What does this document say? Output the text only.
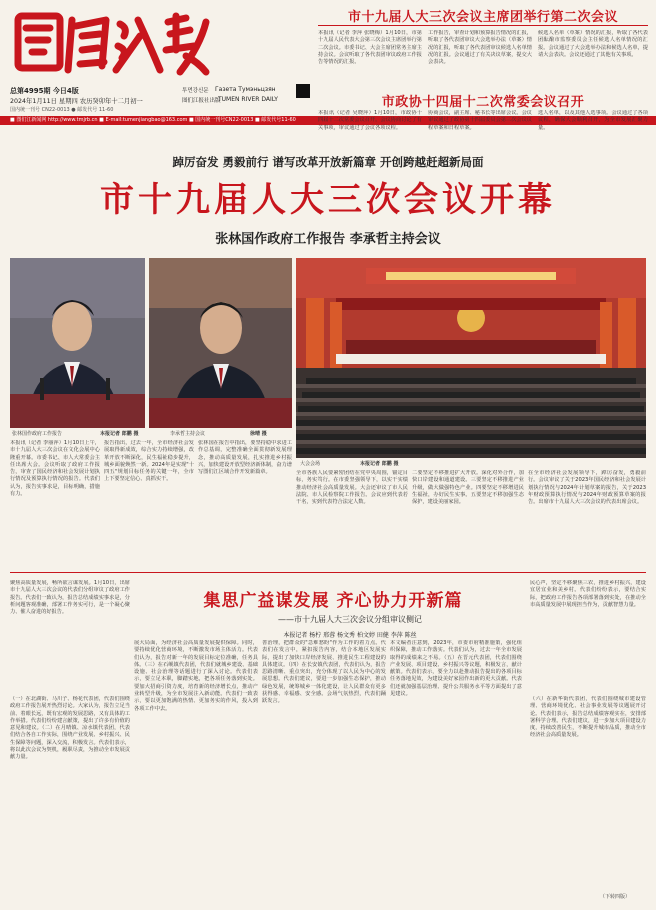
总第4995期 今日4版
2024年1月11日 星期四 农历癸卯年十二月初一
国内统一刊号 CN22-0013 ● 邮发代号 11-60
투먼강신문 Газета Тумэньцзян
图们江报社出版
TUMEN RIVER DAILY
■ 图们江新闻网 http://www.tmjrb.cn ■ E-mail:tumenjiangbao@163.com ■ 国内统一刊号CN22-0013 ■ 邮发代号11-60
市十九届人大三次会议主席团举行第二次会议
本报讯（记者 李萍 张晓梅）1月10日，市第十九届人民代表大会第三次会议主席团举行第二次会议。市委书记、大会主席团常务主席主持会议。会议听取了各代表团审议政府工作报告等情况的汇报。
工作报告，审查计划和预算报告情况的汇报，听取了各代表团审议大会选举办法（草案）情况的汇报，听取了各代表团审议候选人名单情况的汇报。会议通过了有关决议草案，提交大会表决。
候选人名单（草案）情况的汇报，听取了各代表团酝酿市监察委员会主任候选人名单情况的汇报。会议通过了大会选举办法和候选人名单，提请大会表决。会议还通过了其他有关事项。
市政协十四届十二次常委会议召开
本报讯（记者 吴晓萍）1月10日，市政协十四届十二次常委会议召开。会议协商讨论了有关事项，审议通过了会议各项议程。
协商会议，副主席、秘书长等出席会议。会议审议通过了政协第十四届委员会第三次会议议程草案和日程草案。
选人名单，以及其他人选事项。会议通过了各项议程，确保大会顺利召开，为全市发展汇聚力量。
踔厉奋发 勇毅前行 谱写改革开放新篇章 开创跨越赶超新局面
市十九届人大三次会议开幕
张林国作政府工作报告 李承哲主持会议
张林国作政府工作报告	本报记者 郎鹏 摄	李承哲主持会议	徐晴 摄
大会会场	本报记者 郎鹏 摄
本报讯（记者 李丽萍）1月10日上午，市十九届人大三次会议在文化会展中心隆重开幕。市委书记、市人大常委会主任出席大会。会议听取了政府工作报告，审查了国民经济和社会发展计划执行情况及预算执行情况的报告。代表们认为，报告实事求是，目标明确，措施有力。
报告指出，过去一年，全市经济社会发展取得新成效，综合实力持续增强，改革开放不断深化，民生福祉稳步提升，城乡面貌焕然一新。2024年是实现"十四五"规划目标任务的关键一年，全市上下要坚定信心、真抓实干。
张林国在报告中指出，要坚持稳中求进工作总基调，完整准确全面贯彻新发展理念，推动高质量发展，扎实推进乡村振兴，加快建设开放型经济新体制，奋力谱写图们江区域合作开发新篇章。	全市各族人民要紧密团结在党中央周围，锚定目标，务实笃行。在市委坚强领导下，以实干实绩推动经济社会高质量发展。大会还审议了市人民法院、市人民检察院工作报告。会议应到代表若干名，实到代表符合法定人数。
二要坚定不移推进扩大开放。深化对外合作，加快口岸建设和通道建设。三要坚定不移推进产业升级，做大做强特色产业。四要坚定不移增进民生福祉，办好民生实事。五要坚定不移加强生态保护，建设美丽家园。
在全市经济社会发展领导下，踔厉奋发，勇毅前行。会议审议了关于2023年国民经济和社会发展计划执行情况与2024年计划草案的报告，关于2023年财政预算执行情况与2024年财政预算草案的报告。出席市十九届人大三次会议的代表出席会议。
聚焦高质量发展，畅所欲言谋发展。1月10日，出席市十九届人大三次会议的代表们分组审议了政府工作报告。代表们一致认为，报告总结成绩实事求是，分析问题客观准确，部署工作务实可行，是一个凝心聚力、催人奋进的好报告。
集思广益谋发展 齐心协力开新篇
——市十九届人大三次会议分组审议侧记
本报记者 杨柠 邢蓉 杨文秀 柏文婷 田健 李萍 陈丝
民心声，坚定不移聚焦三农，推进乡村振兴，建设宜居宜业和美乡村。代表们纷纷表示，要结合实际，把政府工作报告各项部署落到实处，在推动全市高质量发展中展现担当作为，贡献智慧力量。
（一）在北湖街、马川子、杨花代表团，代表们围绕政府工作报告展开热烈讨论。大家认为，报告立足当前、着眼长远，既有宏观的发展思路，又有具体的工作举措。代表们纷纷建言献策，提出了许多有价值的意见和建议。（二）在月晴镇、凉水镇代表团，代表们结合各自工作实际，围绕产业发展、乡村振兴、民生保障等问题，深入交流，积极发言。代表们表示，将以此次会议为契机，履职尽责，为推动全市发展贡献力量。
展大局面，为经济社会高质量发展提供保障。同时，要持续优化营商环境，不断激发市场主体活力。代表们认为，报告对新一年的发展目标定位准确，任务具体。（三）在石岘镇代表团，代表们就城乡建设、基础设施、社会治理等话题进行了深入讨论。代表们表示，要立足本职，脚踏实地，把各项任务落到实处。要加大招商引资力度，培育新的经济增长点，推动产业转型升级，为全市发展注入新动能。代表们一致表示，要以更加饱满的热情、更加务实的作风，投入到各项工作中去。
善治理，把群众的"急难愁盼"作为工作的着力点。代表们在发言中，紧扣报告内容，结合本地区发展实际，提出了加快口岸经济发展、推进民生工程建设的具体建议。（四）在长安镇代表团，代表们认为，报告思路清晰、重点突出，充分体现了以人民为中心的发展思想。代表们建议，要进一步加强生态保护，推动绿色发展，统筹城乡一体化建设，让人民群众有更多获得感、幸福感、安全感。会场气氛热烈，代表们踊跃发言。
本文编者注意到，2023年，市委市府精准施策，强化组织保障，推动工作落实。代表们认为，过去一年全市发展取得的成绩来之不易。（五）在晋元代表团，代表们围绕产业发展、项目建设、乡村振兴等议题，积极发言，献计献策。代表们表示，要全力以赴推动报告提出的各项目标任务落地见效，为建设美好家园作出新的更大贡献。代表们还就加强基层治理、提升公共服务水平等方面提出了意见建议。
（六）在新华街代表团，代表们围绕城市建设管理、营商环境优化、社会事业发展等议题展开讨论。代表们表示，报告总结成绩客观实在，安排部署科学合理。代表们建议，进一步加大项目建设力度，持续改善民生，不断提升城市品质，推动全市经济社会高质量发展。
（下转四版）
